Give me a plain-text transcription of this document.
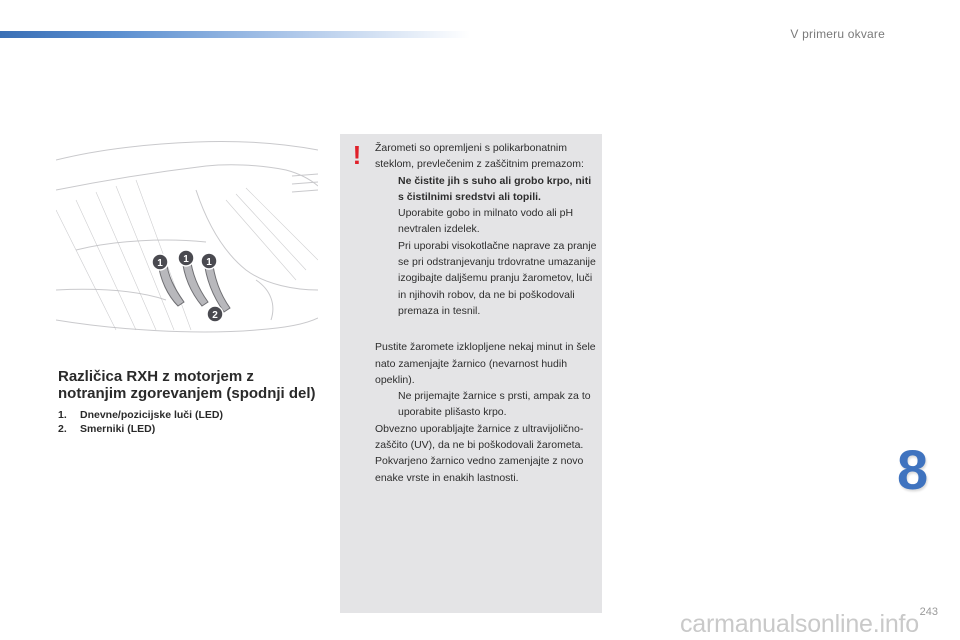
V primeru okvare
1 1 1
2
Različica RXH z motorjem z
notranjim zgorevanjem (spodnji del)
1.	Dnevne/pozicijske luči (LED)
2.	Smerniki (LED)
! Žarometi so opremljeni s polikarbonatnim steklom, prevlečenim z zaščitnim premazom:

Ne čistite jih s suho ali grobo krpo, niti s čistilnimi sredstvi ali topili.
Uporabite gobo in milnato vodo ali pH nevtralen izdelek.
Pri uporabi visokotlačne naprave za pranje se pri odstranjevanju trdovratne umazanije izogibajte daljšemu pranju žarometov, luči in njihovih robov, da ne bi poškodovali premaza in tesnil.

Pustite žaromete izklopljene nekaj minut in šele nato zamenjajte žarnico (nevarnost hudih opeklin).

Ne prijemajte žarnice s prsti, ampak za to uporabite plišasto krpo.

Obvezno uporabljajte žarnice z ultravijolično-zaščito (UV), da ne bi poškodovali žarometa.

Pokvarjeno žarnico vedno zamenjajte z novo enake vrste in enakih lastnosti.	8
243
carmanualsonline.info
